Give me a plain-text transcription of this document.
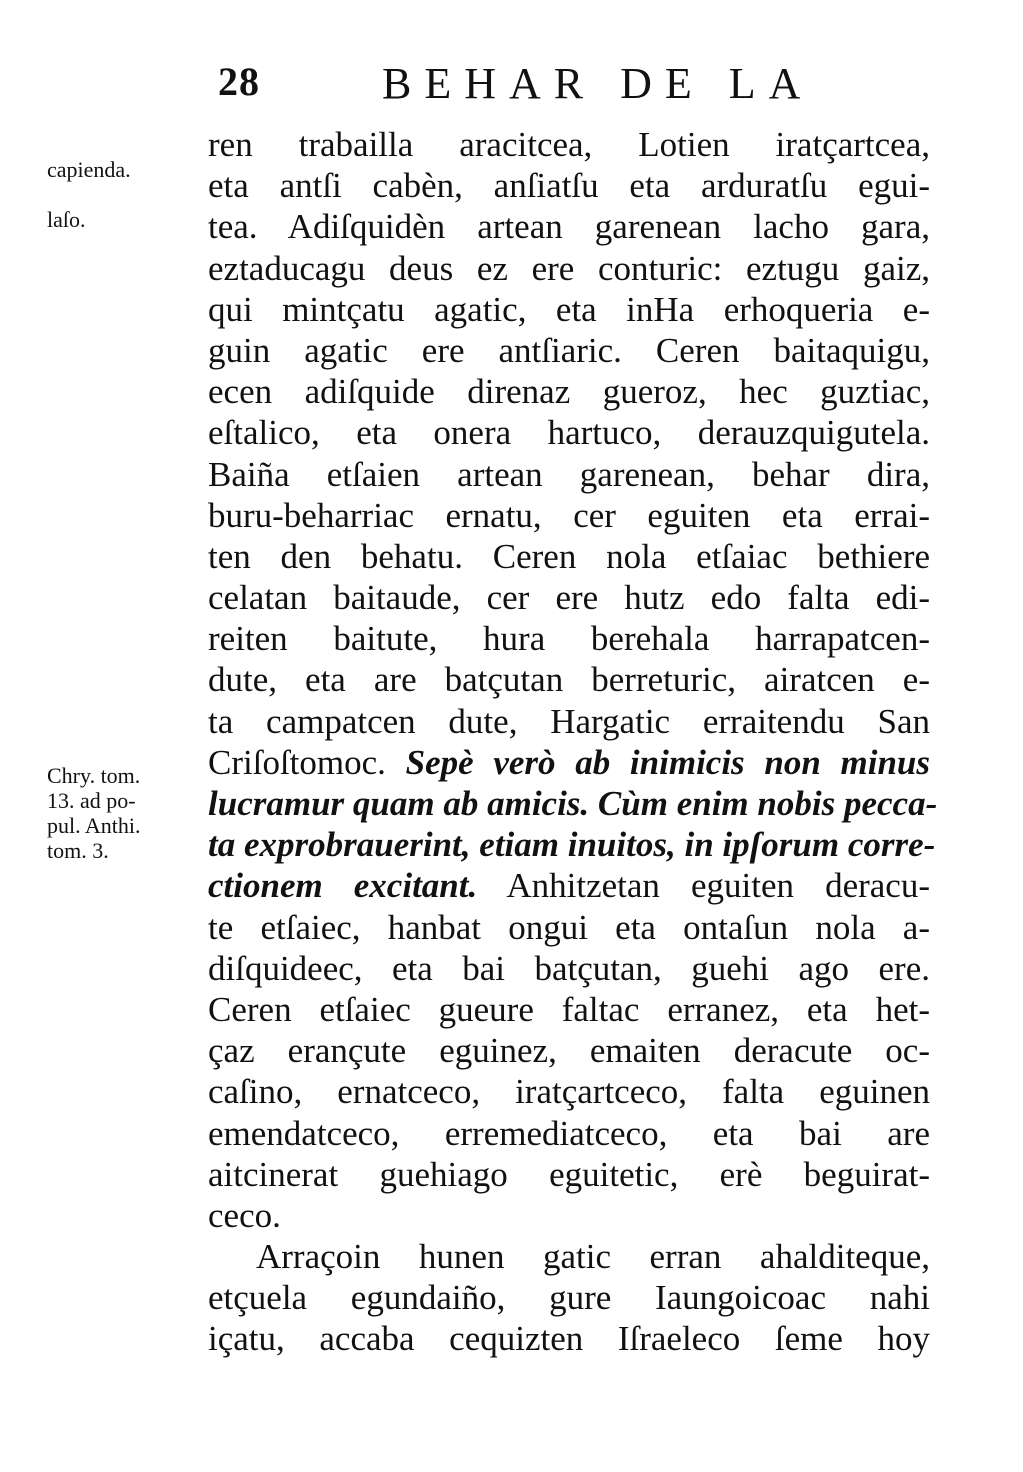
28	BEHAR DE LA
capienda.
laſo.
Chry. tom.
13. ad po-
pul. Anthi.
tom. 3.
ren trabailla aracitcea, Lotien iratçartcea,
eta antſi cabèn, anſiatſu eta arduratſu egui-
tea. Adiſquidèn artean garenean lacho gara,
eztaducagu deus ez ere conturic: eztugu gaiz,
qui mintçatu agatic, eta inHa erhoqueria e-
guin agatic ere antſiaric. Ceren baitaquigu,
ecen adiſquide direnaz gueroz, hec guztiac,
eſtalico, eta onera hartuco, derauzquigutela.
Baiña etſaien artean garenean, behar dira,
buru-beharriac ernatu, cer eguiten eta errai-
ten den behatu. Ceren nola etſaiac bethiere
celatan baitaude, cer ere hutz edo falta edi-
reiten baitute, hura berehala harrapatcen-
dute, eta are batçutan berreturic, airatcen e-
ta campatcen dute, Hargatic erraitendu San
Criſoſtomoc. Sepè verò ab inimicis non minus
lucramur quam ab amicis. Cùm enim nobis pecca-
ta exprobrauerint, etiam inuitos, in ipſorum corre-
ctionem excitant. Anhitzetan eguiten deracu-
te etſaiec, hanbat ongui eta ontaſun nola a-
diſquideec, eta bai batçutan, guehi ago ere.
Ceren etſaiec gueure faltac erranez, eta het-
çaz erançute eguinez, emaiten deracute oc-
caſino, ernatceco, iratçartceco, falta eguinen
emendatceco, erremediatceco, eta bai are
aitcinerat guehiago eguitetic, erè beguirat-
ceco.
Arraçoin hunen gatic erran ahalditeque,
etçuela egundaiño, gure Iaungoicoac nahi
içatu, accaba cequizten Iſraeleco ſeme hoy
